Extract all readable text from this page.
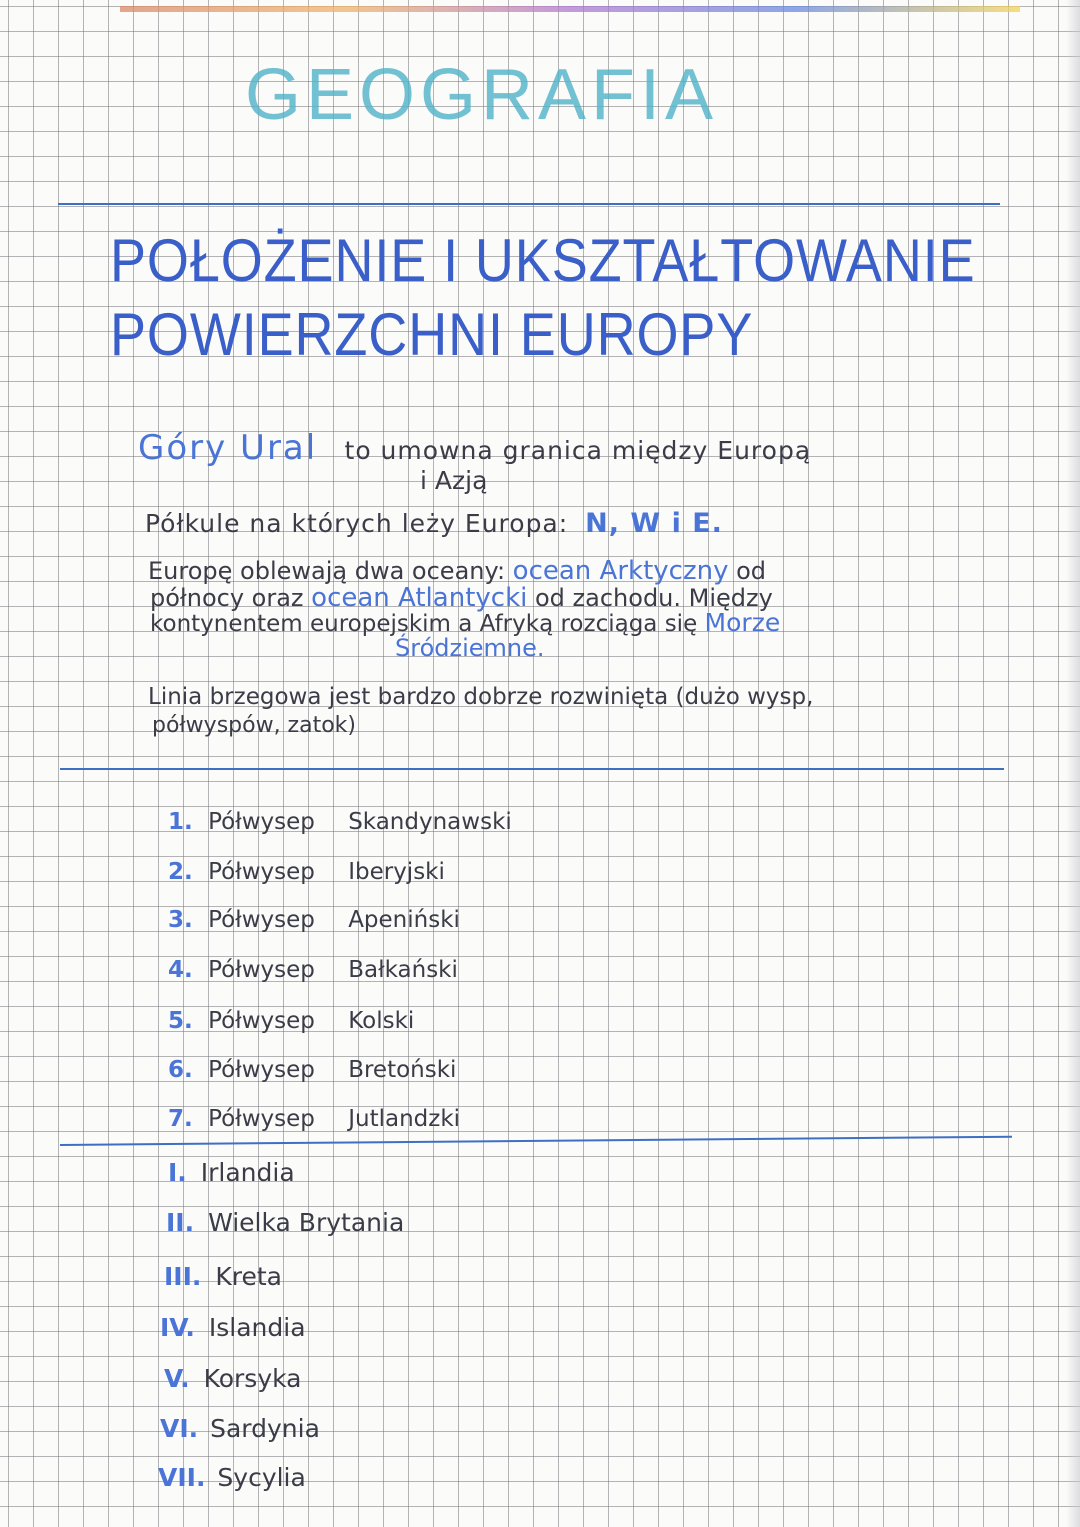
GEOGRAFIA
POŁOŻENIE I UKSZTAŁTOWANIE
POWIERZCHNI EUROPY
Góry Ural to umowna granica między Europą
i Azją
Półkule na których leży Europa: N, W i E.
Europę oblewają dwa oceany: ocean Arktyczny od
północy oraz ocean Atlantycki od zachodu. Między
kontynentem europejskim a Afryką rozciąga się Morze
Śródziemne.
Linia brzegowa jest bardzo dobrze rozwinięta (dużo wysp,
półwyspów, zatok)
1. Półwysep Skandynawski
2. Półwysep Iberyjski
3. Półwysep Apeniński
4. Półwysep Bałkański
5. Półwysep Kolski
6. Półwysep Bretoński
7. Półwysep Jutlandzki
I. Irlandia
II. Wielka Brytania
III. Kreta
IV. Islandia
V. Korsyka
VI. Sardynia
VII. Sycylia
